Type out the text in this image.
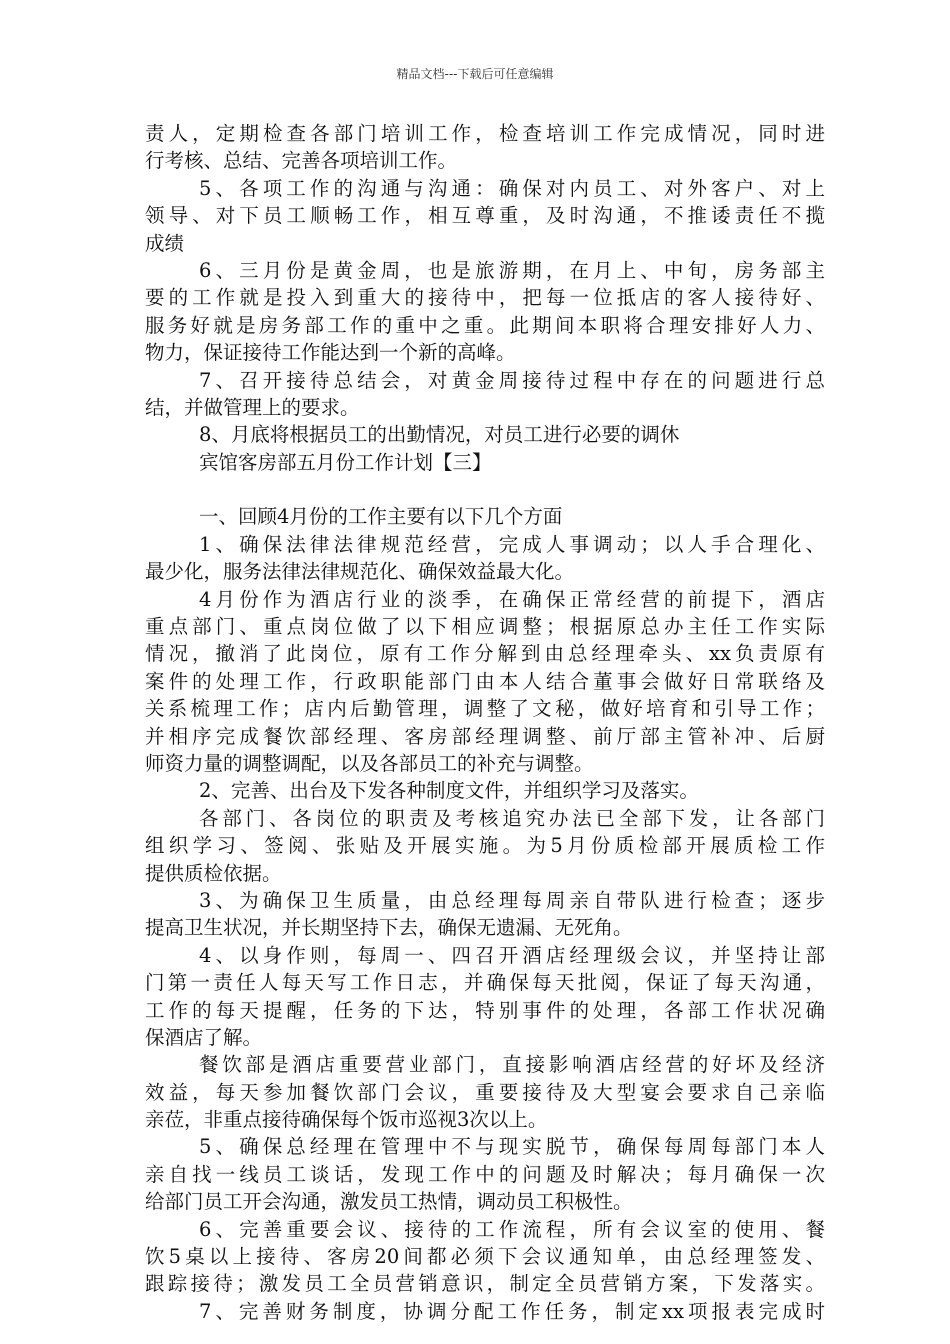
精品文档---下载后可任意编辑
责人，定期检查各部门培训工作，检查培训工作完成情况，同时进
行考核、总结、完善各项培训工作。
5、各项工作的沟通与沟通：确保对内员工、对外客户、对上
领导、对下员工顺畅工作，相互尊重，及时沟通，不推诿责任不揽
成绩
6、三月份是黄金周，也是旅游期，在月上、中旬，房务部主
要的工作就是投入到重大的接待中，把每一位抵店的客人接待好、
服务好就是房务部工作的重中之重。此期间本职将合理安排好人力、
物力，保证接待工作能达到一个新的高峰。
7、召开接待总结会，对黄金周接待过程中存在的问题进行总
结，并做管理上的要求。
8、月底将根据员工的出勤情况，对员工进行必要的调休
宾馆客房部五月份工作计划【三】
一、回顾4月份的工作主要有以下几个方面
1、确保法律法律规范经营，完成人事调动；以人手合理化、
最少化，服务法律法律规范化、确保效益最大化。
4月份作为酒店行业的淡季，在确保正常经营的前提下，酒店
重点部门、重点岗位做了以下相应调整；根据原总办主任工作实际
情况，撤消了此岗位，原有工作分解到由总经理牵头、xx负责原有
案件的处理工作，行政职能部门由本人结合董事会做好日常联络及
关系梳理工作；店内后勤管理，调整了文秘，做好培育和引导工作；
并相序完成餐饮部经理、客房部经理调整、前厅部主管补冲、后厨
师资力量的调整调配，以及各部员工的补充与调整。
2、完善、出台及下发各种制度文件，并组织学习及落实。
各部门、各岗位的职责及考核追究办法已全部下发，让各部门
组织学习、签阅、张贴及开展实施。为5月份质检部开展质检工作
提供质检依据。
3、为确保卫生质量，由总经理每周亲自带队进行检查；逐步
提高卫生状况，并长期坚持下去，确保无遗漏、无死角。
4、以身作则，每周一、四召开酒店经理级会议，并坚持让部
门第一责任人每天写工作日志，并确保每天批阅，保证了每天沟通，
工作的每天提醒，任务的下达，特别事件的处理，各部工作状况确
保酒店了解。
餐饮部是酒店重要营业部门，直接影响酒店经营的好坏及经济
效益，每天参加餐饮部门会议，重要接待及大型宴会要求自己亲临
亲莅，非重点接待确保每个饭市巡视3次以上。
5、确保总经理在管理中不与现实脱节，确保每周每部门本人
亲自找一线员工谈话，发现工作中的问题及时解决；每月确保一次
给部门员工开会沟通，激发员工热情，调动员工积极性。
6、完善重要会议、接待的工作流程，所有会议室的使用、餐
饮5桌以上接待、客房20间都必须下会议通知单，由总经理签发、
跟踪接待；激发员工全员营销意识，制定全员营销方案，下发落实。
7、完善财务制度，协调分配工作任务，制定xx项报表完成时
